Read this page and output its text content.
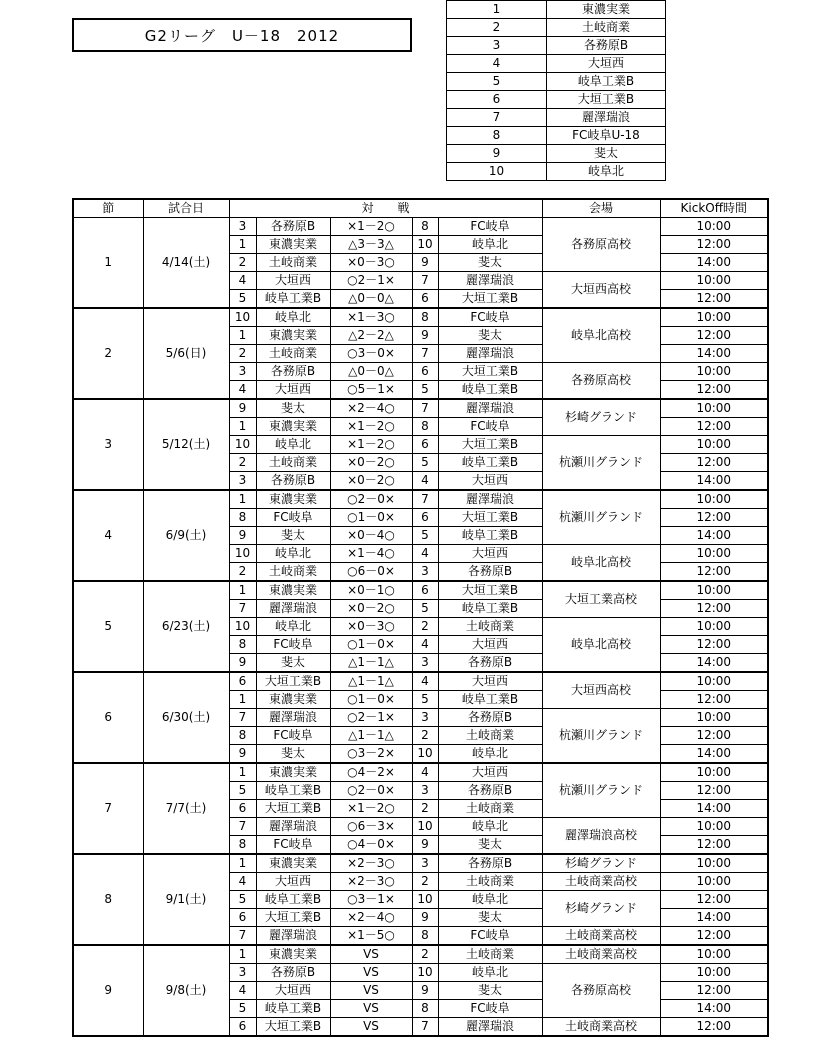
G2リーグ　U－18　2012
1	東濃実業
2	土岐商業
3	各務原B
4	大垣西
5	岐阜工業B
6	大垣工業B
7	麗澤瑞浪
8	FC岐阜U-18
9	斐太
10	岐阜北
節	試合日	対　　戦					会場	KickOff時間
1	4/14(土)	3	各務原B	×1－2○	8	FC岐阜	各務原高校	10:00
		1	東濃実業	△3－3△	10	岐阜北		12:00
		2	土岐商業	×0－3○	9	斐太		14:00
		4	大垣西	○2－1×	7	麗澤瑞浪	大垣西高校	10:00
		5	岐阜工業B	△0－0△	6	大垣工業B		12:00
2	5/6(日)	10	岐阜北	×1－3○	8	FC岐阜	岐阜北高校	10:00
		1	東濃実業	△2－2△	9	斐太		12:00
		2	土岐商業	○3－0×	7	麗澤瑞浪		14:00
		3	各務原B	△0－0△	6	大垣工業B	各務原高校	10:00
		4	大垣西	○5－1×	5	岐阜工業B		12:00
3	5/12(土)	9	斐太	×2－4○	7	麗澤瑞浪	杉崎グランド	10:00
		1	東濃実業	×1－2○	8	FC岐阜		12:00
		10	岐阜北	×1－2○	6	大垣工業B	杭瀬川グランド	10:00
		2	土岐商業	×0－2○	5	岐阜工業B		12:00
		3	各務原B	×0－2○	4	大垣西		14:00
4	6/9(土)	1	東濃実業	○2－0×	7	麗澤瑞浪	杭瀬川グランド	10:00
		8	FC岐阜	○1－0×	6	大垣工業B		12:00
		9	斐太	×0－4○	5	岐阜工業B		14:00
		10	岐阜北	×1－4○	4	大垣西	岐阜北高校	10:00
		2	土岐商業	○6－0×	3	各務原B		12:00
5	6/23(土)	1	東濃実業	×0－1○	6	大垣工業B	大垣工業高校	10:00
		7	麗澤瑞浪	×0－2○	5	岐阜工業B		12:00
		10	岐阜北	×0－3○	2	土岐商業	岐阜北高校	10:00
		8	FC岐阜	○1－0×	4	大垣西		12:00
		9	斐太	△1－1△	3	各務原B		14:00
6	6/30(土)	6	大垣工業B	△1－1△	4	大垣西	大垣西高校	10:00
		1	東濃実業	○1－0×	5	岐阜工業B		12:00
		7	麗澤瑞浪	○2－1×	3	各務原B	杭瀬川グランド	10:00
		8	FC岐阜	△1－1△	2	土岐商業		12:00
		9	斐太	○3－2×	10	岐阜北		14:00
7	7/7(土)	1	東濃実業	○4－2×	4	大垣西	杭瀬川グランド	10:00
		5	岐阜工業B	○2－0×	3	各務原B		12:00
		6	大垣工業B	×1－2○	2	土岐商業		14:00
		7	麗澤瑞浪	○6－3×	10	岐阜北	麗澤瑞浪高校	10:00
		8	FC岐阜	○4－0×	9	斐太		12:00
8	9/1(土)	1	東濃実業	×2－3○	3	各務原B	杉崎グランド	10:00
		4	大垣西	×2－3○	2	土岐商業	土岐商業高校	10:00
		5	岐阜工業B	○3－1×	10	岐阜北	杉崎グランド	12:00
		6	大垣工業B	×2－4○	9	斐太		14:00
		7	麗澤瑞浪	×1－5○	8	FC岐阜	土岐商業高校	12:00
9	9/8(土)	1	東濃実業	VS	2	土岐商業	土岐商業高校	10:00
		3	各務原B	VS	10	岐阜北	各務原高校	10:00
		4	大垣西	VS	9	斐太		12:00
		5	岐阜工業B	VS	8	FC岐阜		14:00
		6	大垣工業B	VS	7	麗澤瑞浪	土岐商業高校	12:00
